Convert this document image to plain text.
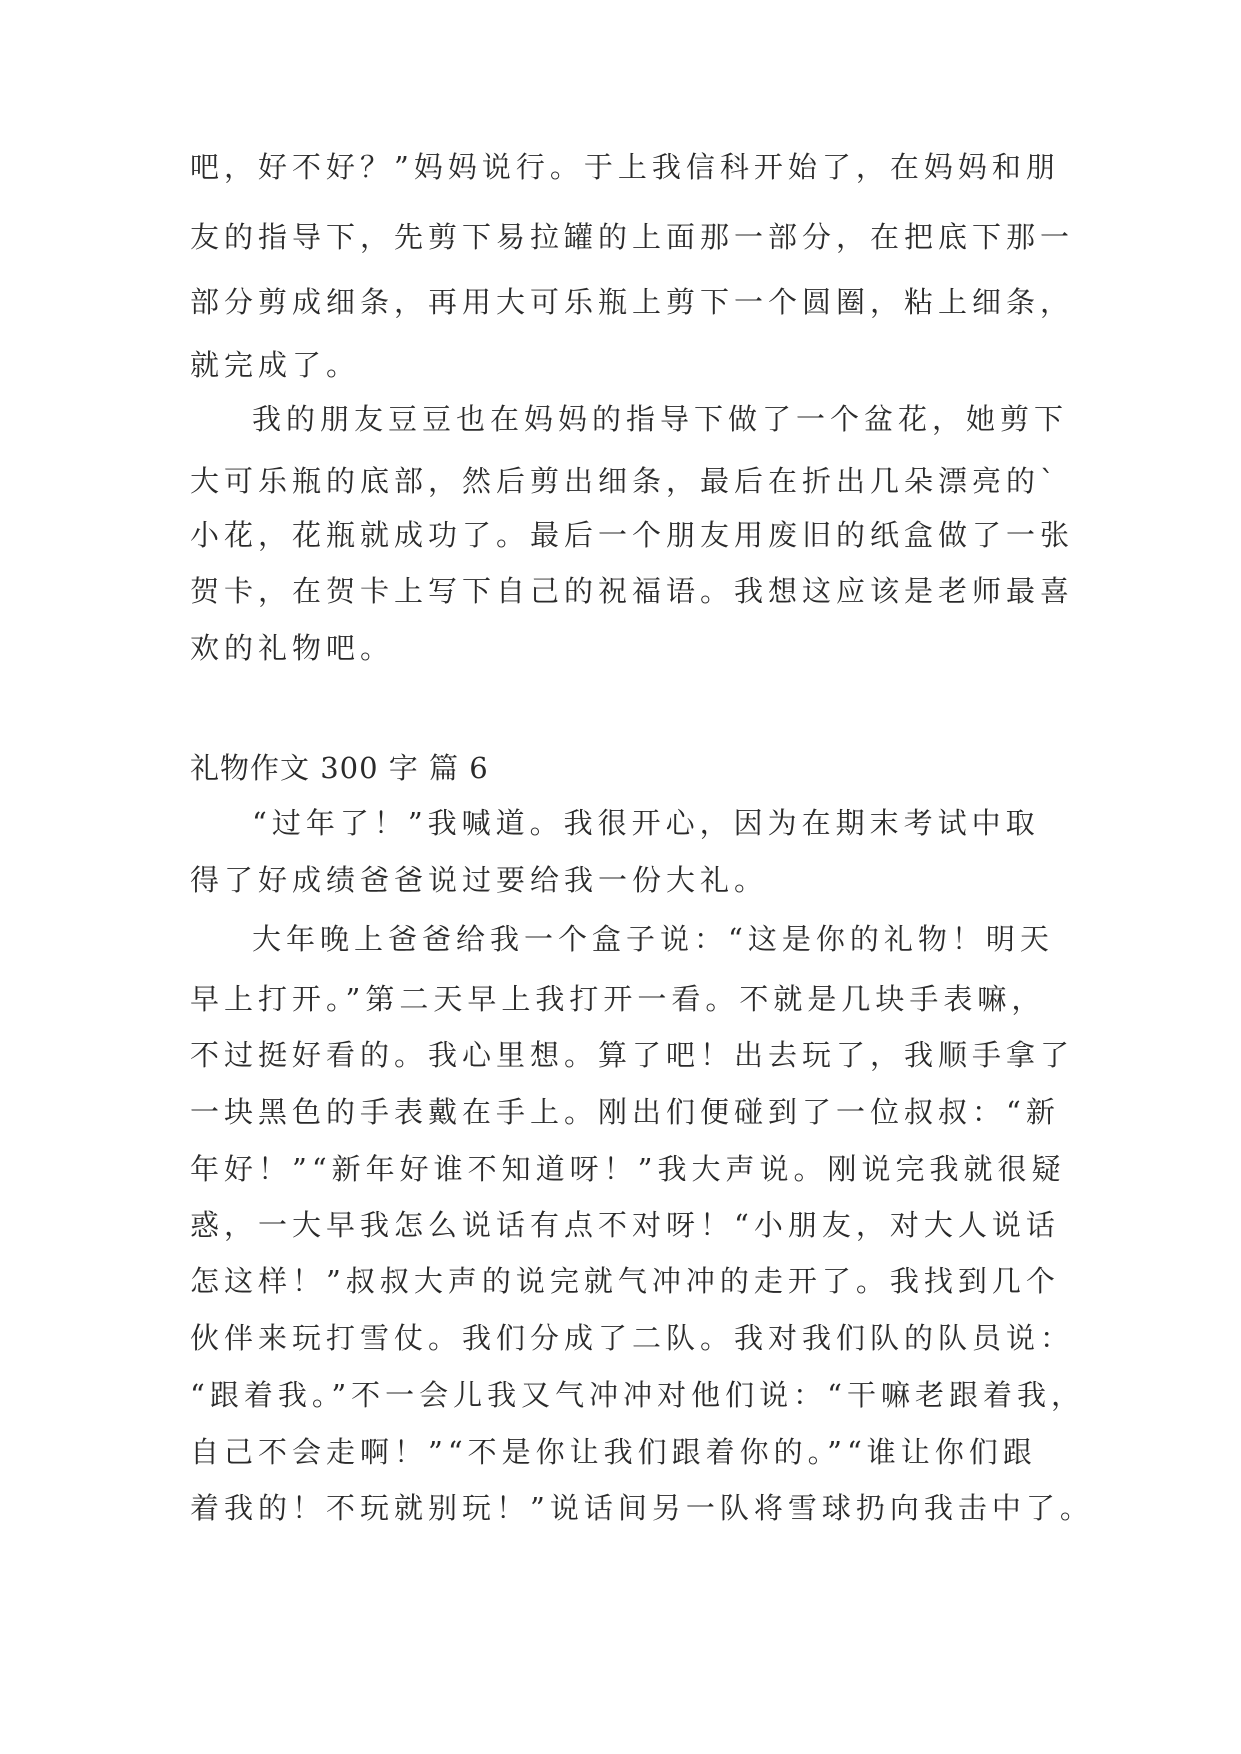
吧，好不好？”妈妈说行。于上我信科开始了，在妈妈和朋
友的指导下，先剪下易拉罐的上面那一部分，在把底下那一
部分剪成细条，再用大可乐瓶上剪下一个圆圈，粘上细条，
就完成了。
我的朋友豆豆也在妈妈的指导下做了一个盆花，她剪下
大可乐瓶的底部，然后剪出细条，最后在折出几朵漂亮的`
小花，花瓶就成功了。最后一个朋友用废旧的纸盒做了一张
贺卡，在贺卡上写下自己的祝福语。我想这应该是老师最喜
欢的礼物吧。
礼物作文 300 字 篇 6
“过年了！”我喊道。我很开心，因为在期末考试中取
得了好成绩爸爸说过要给我一份大礼。
大年晚上爸爸给我一个盒子说：“这是你的礼物！明天
早上打开。”第二天早上我打开一看。不就是几块手表嘛，
不过挺好看的。我心里想。算了吧！出去玩了，我顺手拿了
一块黑色的手表戴在手上。刚出们便碰到了一位叔叔：“新
年好！”“新年好谁不知道呀！”我大声说。刚说完我就很疑
惑，一大早我怎么说话有点不对呀！“小朋友，对大人说话
怎这样！”叔叔大声的说完就气冲冲的走开了。我找到几个
伙伴来玩打雪仗。我们分成了二队。我对我们队的队员说：
“跟着我。”不一会儿我又气冲冲对他们说：“干嘛老跟着我，
自己不会走啊！”“不是你让我们跟着你的。”“谁让你们跟
着我的！不玩就别玩！”说话间另一队将雪球扔向我击中了。
